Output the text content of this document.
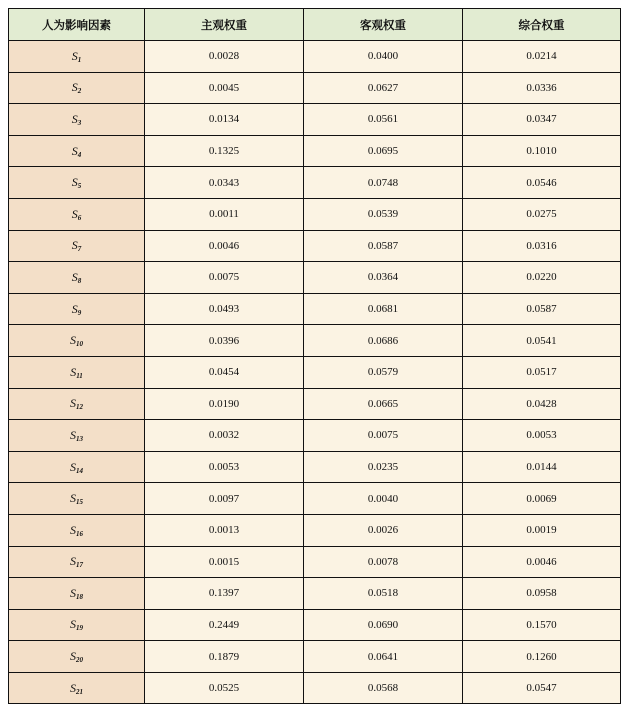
人为影响因素	主观权重	客观权重	综合权重
$S_1$	0.0028	0.0400	0.0214
$S_2$	0.0045	0.0627	0.0336
$S_3$	0.0134	0.0561	0.0347
$S_4$	0.1325	0.0695	0.1010
$S_5$	0.0343	0.0748	0.0546
$S_6$	0.0011	0.0539	0.0275
$S_7$	0.0046	0.0587	0.0316
$S_8$	0.0075	0.0364	0.0220
$S_9$	0.0493	0.0681	0.0587
$S_{10}$	0.0396	0.0686	0.0541
$S_{11}$	0.0454	0.0579	0.0517
$S_{12}$	0.0190	0.0665	0.0428
$S_{13}$	0.0032	0.0075	0.0053
$S_{14}$	0.0053	0.0235	0.0144
$S_{15}$	0.0097	0.0040	0.0069
$S_{16}$	0.0013	0.0026	0.0019
$S_{17}$	0.0015	0.0078	0.0046
$S_{18}$	0.1397	0.0518	0.0958
$S_{19}$	0.2449	0.0690	0.1570
$S_{20}$	0.1879	0.0641	0.1260
$S_{21}$	0.0525	0.0568	0.0547
